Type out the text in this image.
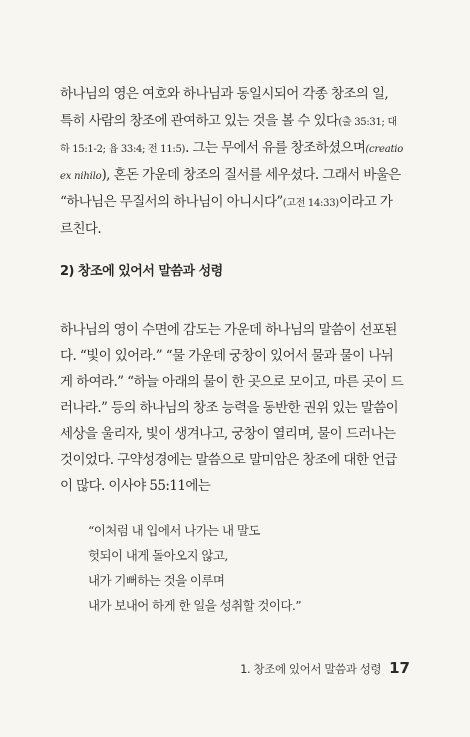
하나님의 영은 여호와 하나님과 동일시되어 각종 창조의 일,
특히 사람의 창조에 관여하고 있는 것을 볼 수 있다(출 35:31; 대
하 15:1-2; 욥 33:4; 전 11:5). 그는 무에서 유를 창조하셨으며(creatio
ex nihilo), 혼돈 가운데 창조의 질서를 세우셨다. 그래서 바울은
“하나님은 무질서의 하나님이 아니시다”(고전 14:33)이라고 가
르친다.
2) 창조에 있어서 말씀과 성령
하나님의 영이 수면에 감도는 가운데 하나님의 말씀이 선포된
다. “빛이 있어라.” “물 가운데 궁창이 있어서 물과 물이 나뉘
게 하여라.” “하늘 아래의 물이 한 곳으로 모이고, 마른 곳이 드
러나라.” 등의 하나님의 창조 능력을 동반한 권위 있는 말씀이
세상을 울리자, 빛이 생겨나고, 궁창이 열리며, 물이 드러나는
것이었다. 구약성경에는 말씀으로 말미암은 창조에 대한 언급
이 많다. 이사야 55:11에는
“이처럼 내 입에서 나가는 내 말도
헛되이 내게 돌아오지 않고,
내가 기뻐하는 것을 이루며
내가 보내어 하게 한 일을 성취할 것이다.”
1. 창조에 있어서 말씀과 성령 17
